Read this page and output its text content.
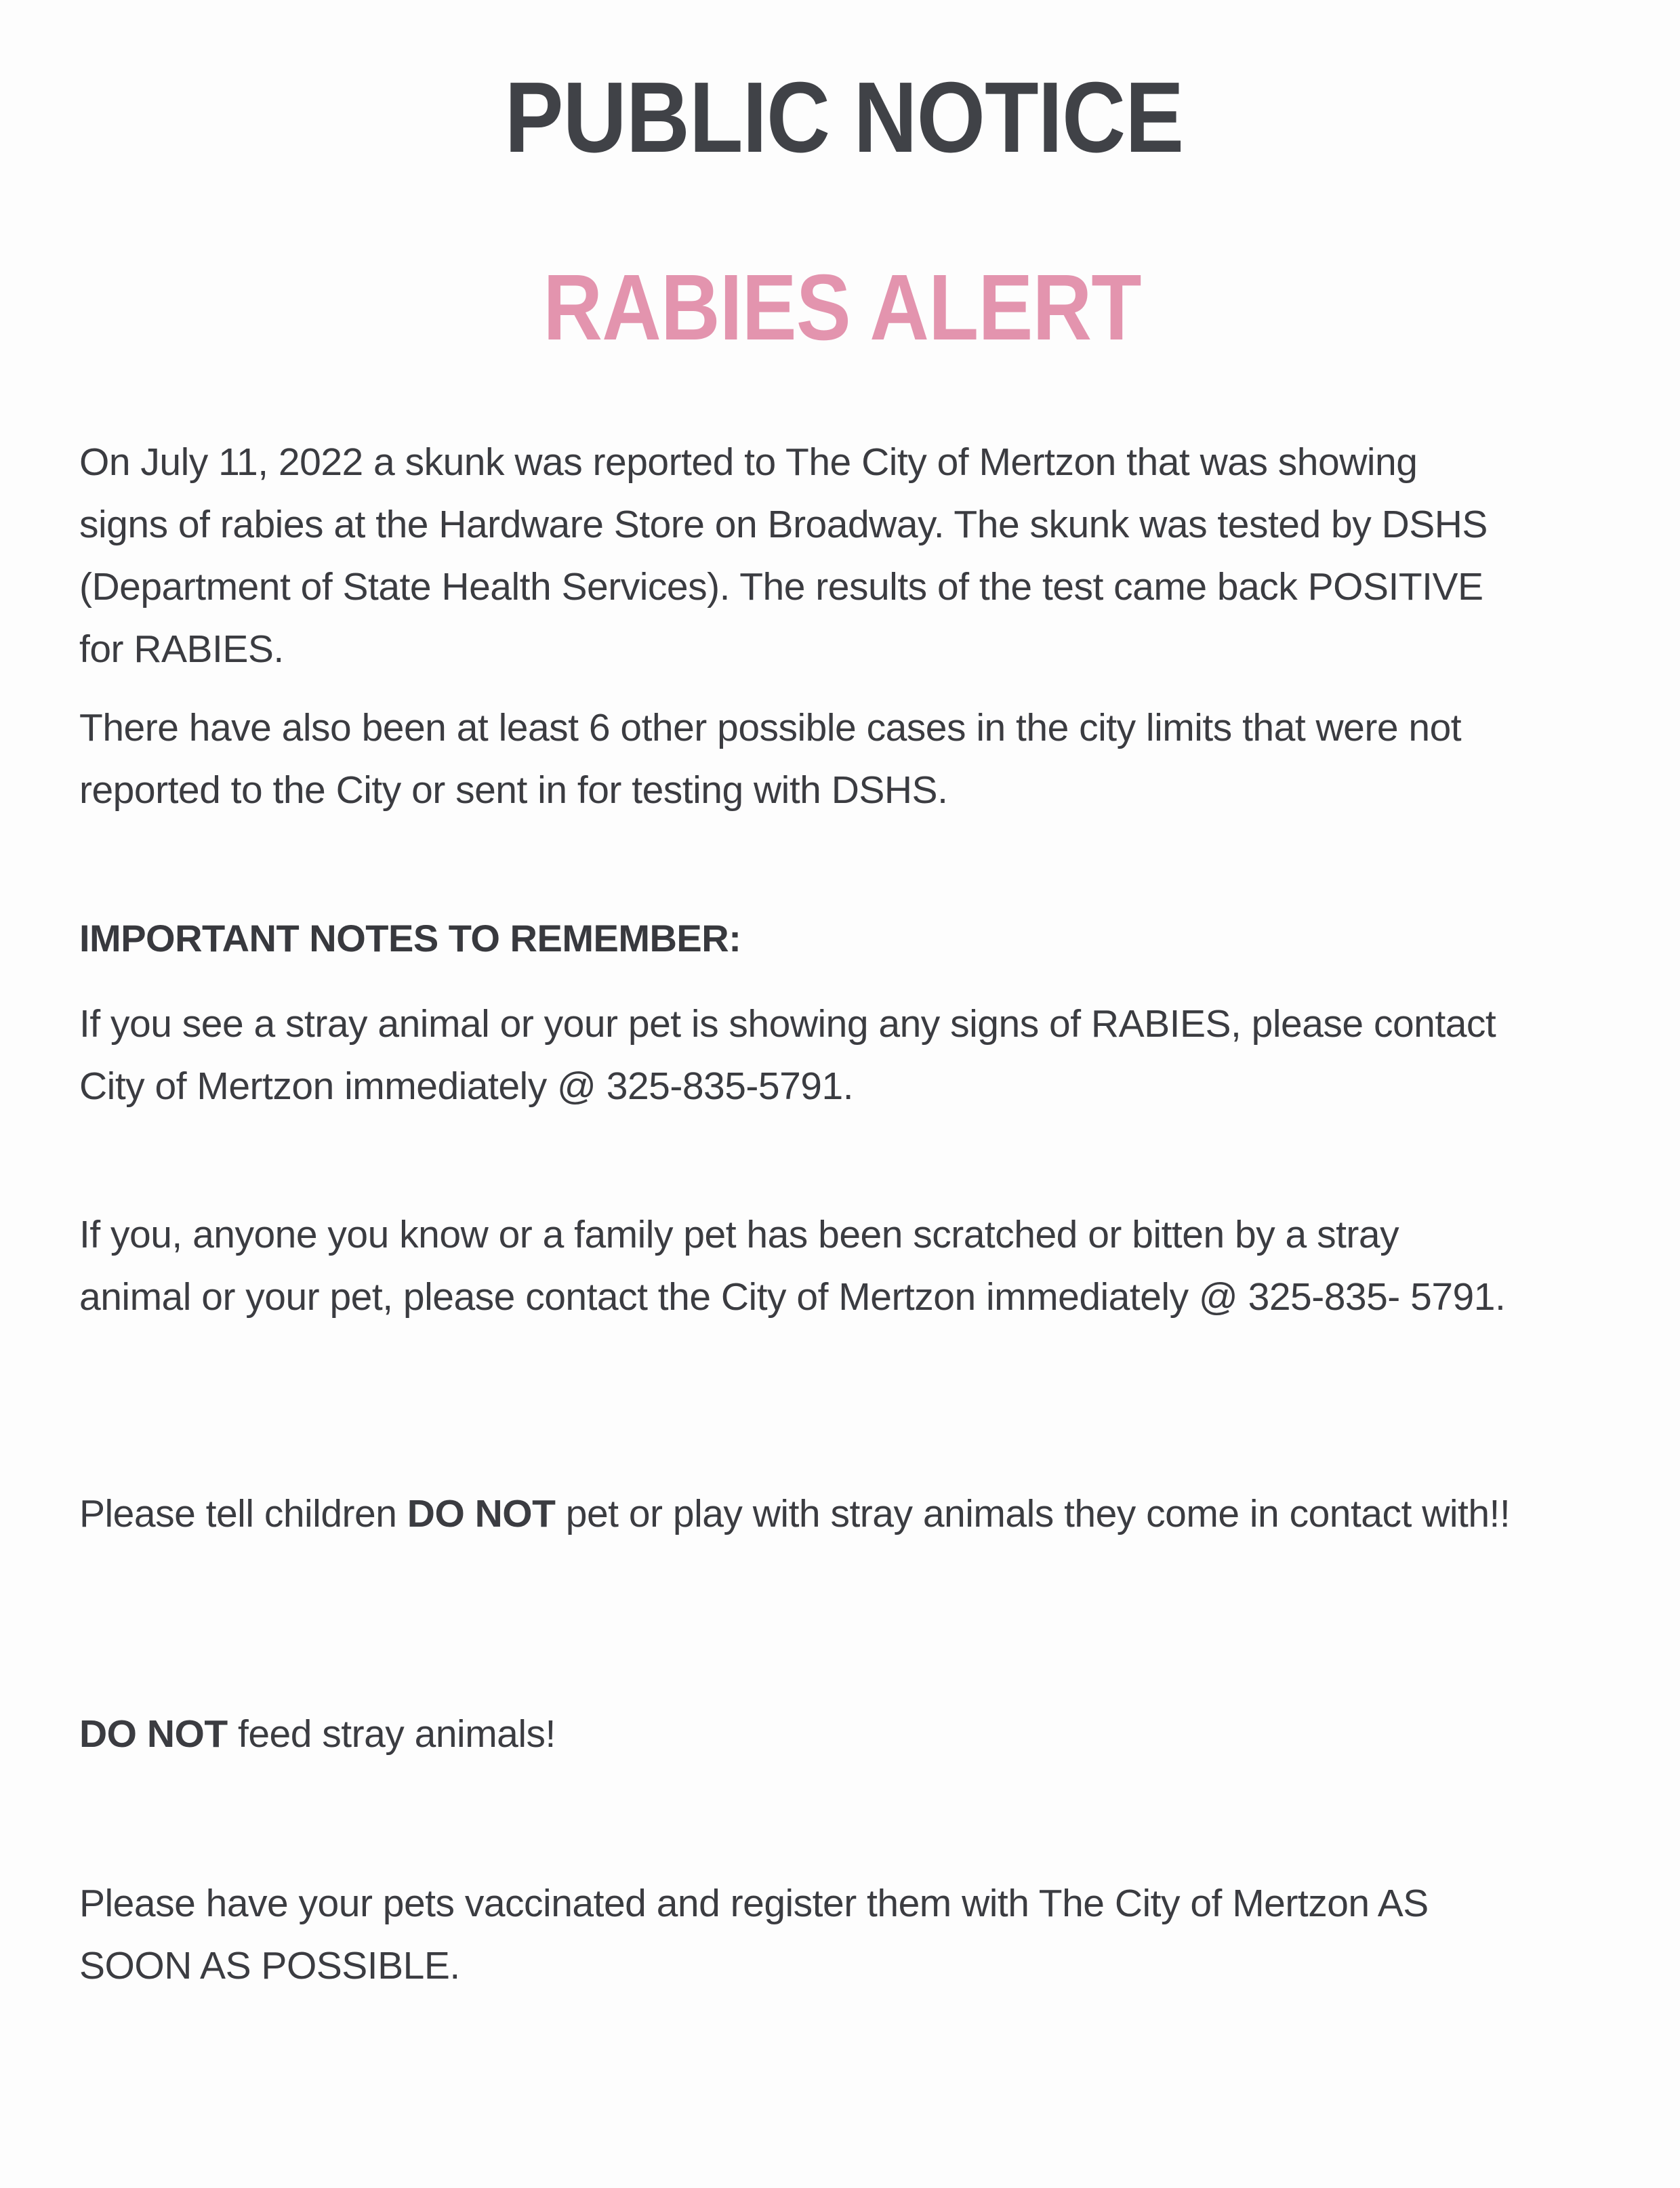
PUBLIC NOTICE
RABIES ALERT

On July 11, 2022 a skunk was reported to The City of Mertzon that was showing signs of rabies at the Hardware Store on Broadway. The skunk was tested by DSHS (Department of State Health Services). The results of the test came back POSITIVE for RABIES.

There have also been at least 6 other possible cases in the city limits that were not reported to the City or sent in for testing with DSHS.

IMPORTANT NOTES TO REMEMBER:

If you see a stray animal or your pet is showing any signs of RABIES, please contact City of Mertzon immediately @ 325-835-5791.

If you, anyone you know or a family pet has been scratched or bitten by a stray animal or your pet, please contact the City of Mertzon immediately @ 325-835- 5791.

Please tell children DO NOT pet or play with stray animals they come in contact with!!

DO NOT feed stray animals!

Please have your pets vaccinated and register them with The City of Mertzon AS SOON AS POSSIBLE.
